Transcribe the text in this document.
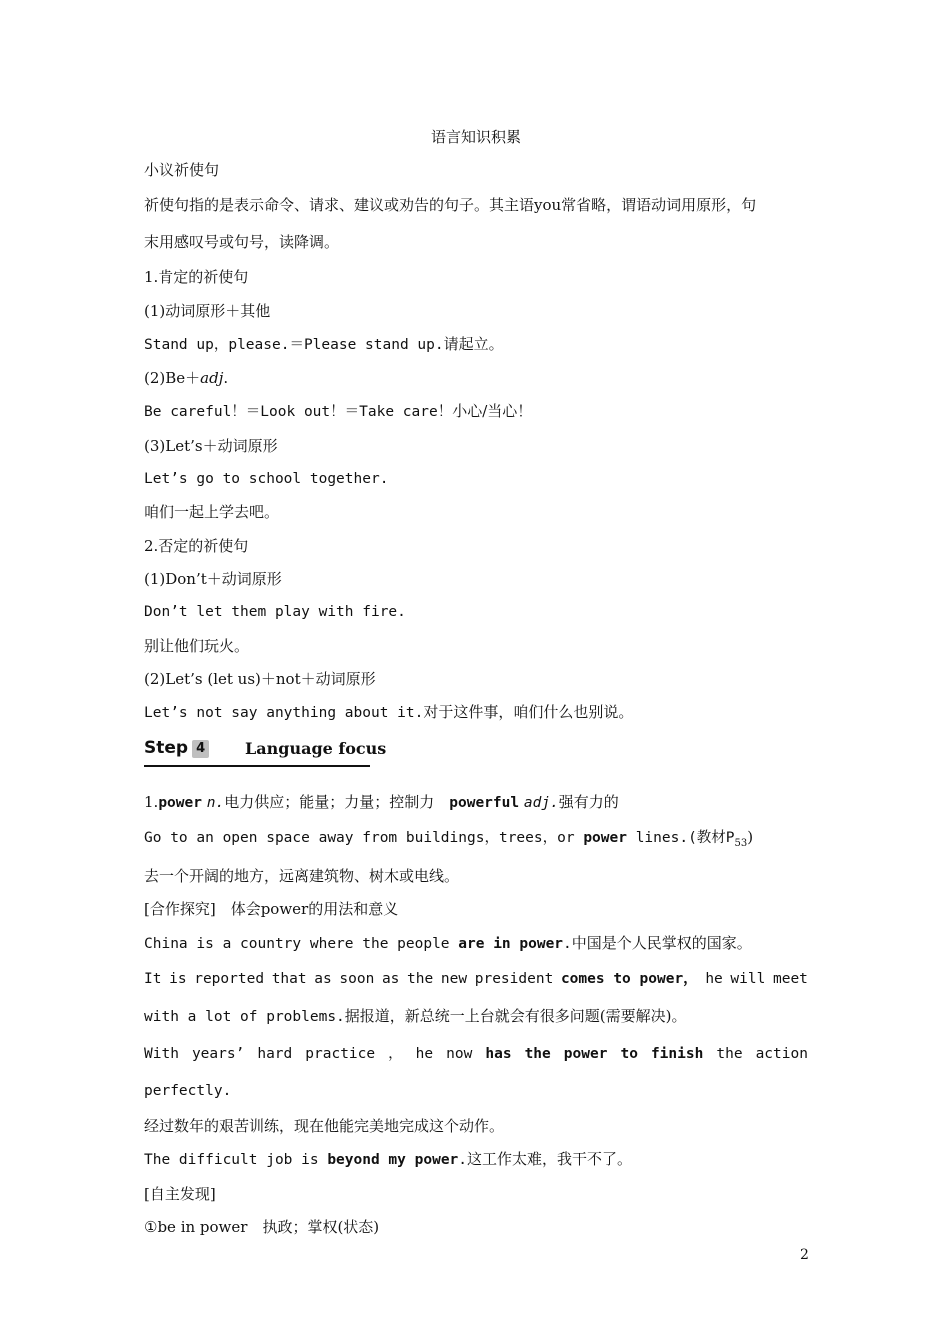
语言知识积累
小议祈使句
祈使句指的是表示命令、请求、建议或劝告的句子。其主语you常省略，谓语动词用原形，句
末用感叹号或句号，读降调。
1.肯定的祈使句
(1)动词原形＋其他
Stand up，please.＝Please stand up.请起立。
(2)Be＋adj.
Be careful！＝Look out！＝Take care！小心/当心！
(3)Let’s＋动词原形
Let’s go to school together.
咱们一起上学去吧。
2.否定的祈使句
(1)Don’t＋动词原形
Don’t let them play with fire.
别让他们玩火。
(2)Let’s (let us)＋not＋动词原形
Let’s not say anything about it.对于这件事，咱们什么也别说。
Step 4 Language focus
1.power n.电力供应；能量；力量；控制力　 powerful adj.强有力的
Go to an open space away from buildings，trees，or power lines.(教材$P_{53}$)
去一个开阔的地方，远离建筑物、树木或电线。
[合作探究]　体会power的用法和意义
China is a country where the people are in power.中国是个人民掌权的国家。
It is reported that as soon as the new president comes to power， he will meet
with a lot of problems.据报道，新总统一上台就会有很多问题(需要解决)。
With years’ hard practice ， he now has the power to finish the action
perfectly.
经过数年的艰苦训练，现在他能完美地完成这个动作。
The difficult job is beyond my power.这工作太难，我干不了。
[自主发现]
①be in power　执政；掌权(状态)
2
